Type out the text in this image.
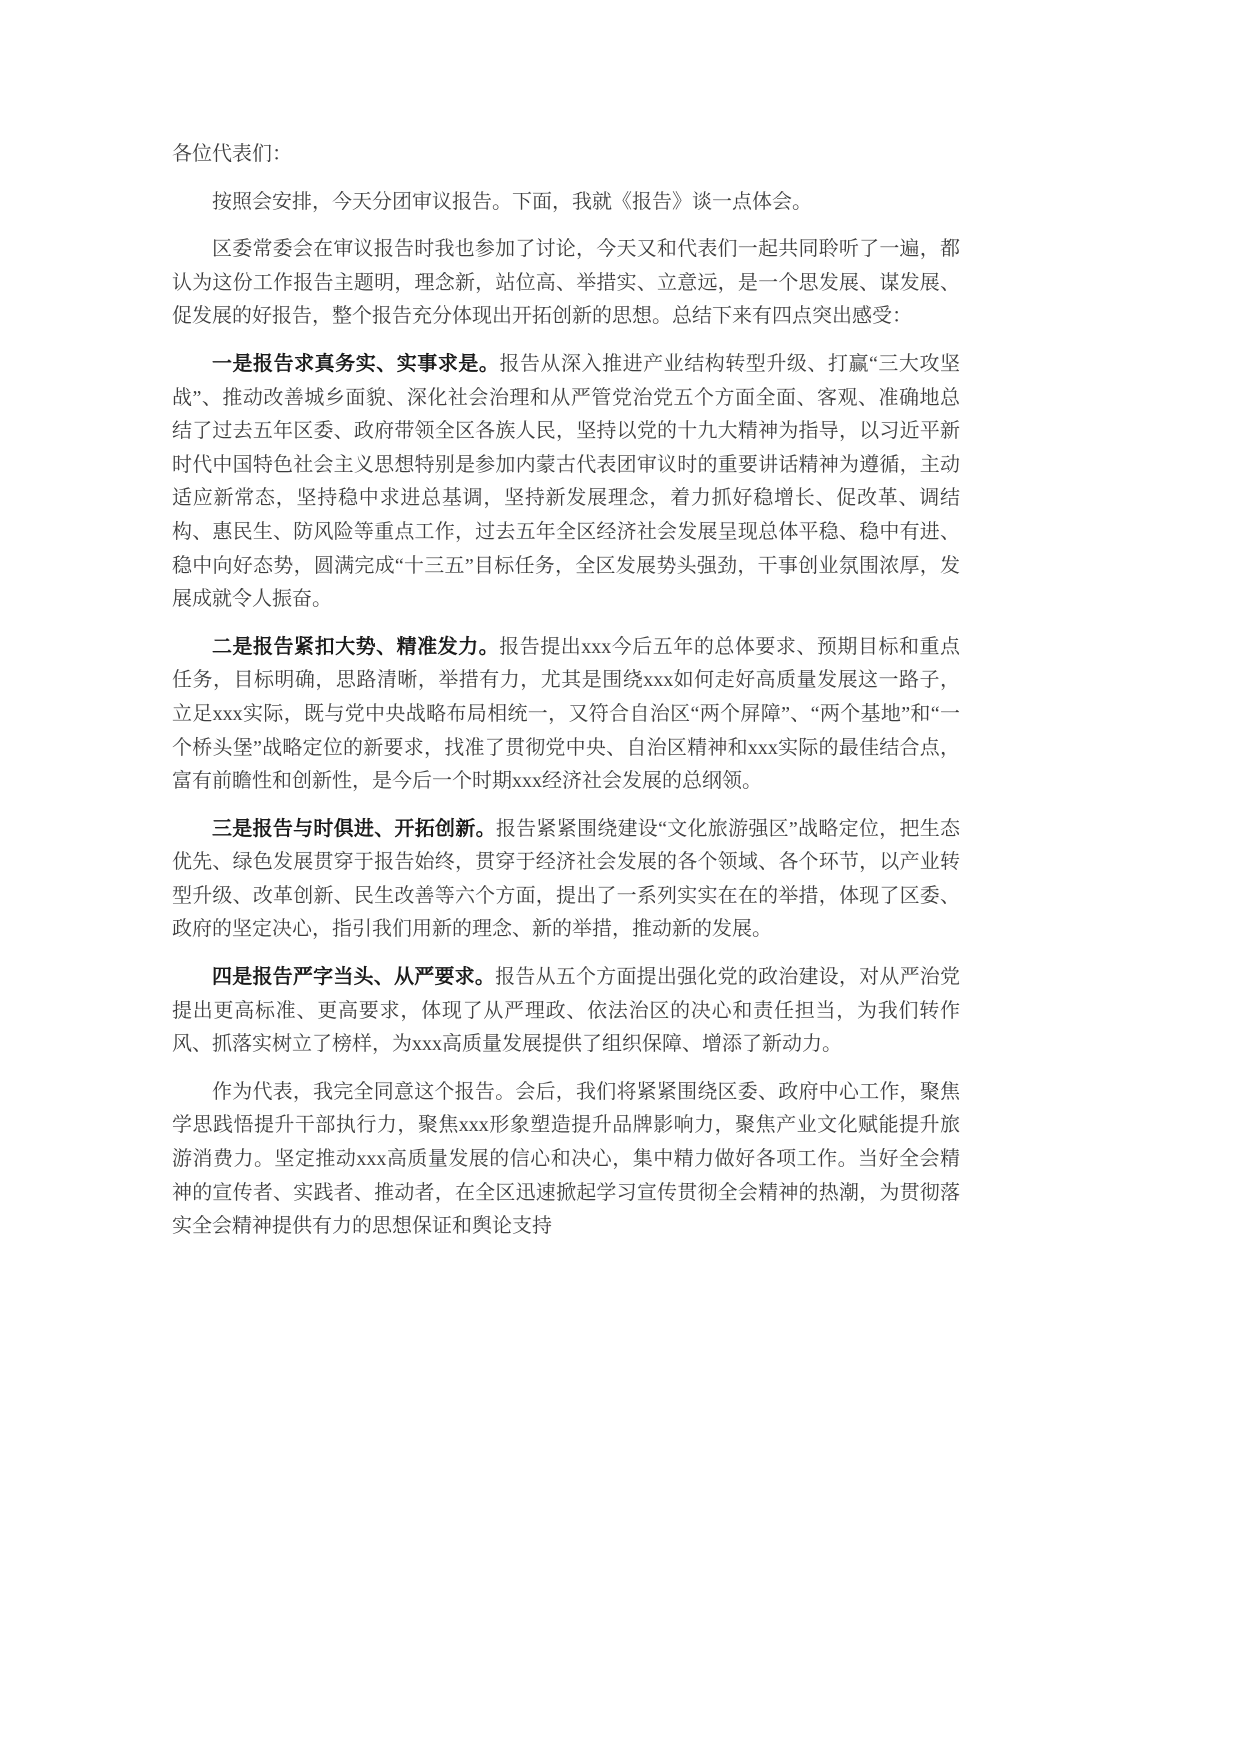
各位代表们：

按照会安排，今天分团审议报告。下面，我就《报告》谈一点体会。

区委常委会在审议报告时我也参加了讨论，今天又和代表们一起共同聆听了一遍，都认为这份工作报告主题明，理念新，站位高、举措实、立意远，是一个思发展、谋发展、促发展的好报告，整个报告充分体现出开拓创新的思想。总结下来有四点突出感受：

一是报告求真务实、实事求是。报告从深入推进产业结构转型升级、打赢“三大攻坚战”、推动改善城乡面貌、深化社会治理和从严管党治党五个方面全面、客观、准确地总结了过去五年区委、政府带领全区各族人民，坚持以党的十九大精神为指导，以习近平新时代中国特色社会主义思想特别是参加内蒙古代表团审议时的重要讲话精神为遵循，主动适应新常态，坚持稳中求进总基调，坚持新发展理念，着力抓好稳增长、促改革、调结构、惠民生、防风险等重点工作，过去五年全区经济社会发展呈现总体平稳、稳中有进、稳中向好态势，圆满完成“十三五”目标任务，全区发展势头强劲，干事创业氛围浓厚，发展成就令人振奋。

二是报告紧扣大势、精准发力。报告提出xxx今后五年的总体要求、预期目标和重点任务，目标明确，思路清晰，举措有力，尤其是围绕xxx如何走好高质量发展这一路子，立足xxx实际，既与党中央战略布局相统一，又符合自治区“两个屏障”、“两个基地”和“一个桥头堡”战略定位的新要求，找准了贯彻党中央、自治区精神和xxx实际的最佳结合点，富有前瞻性和创新性，是今后一个时期xxx经济社会发展的总纲领。

三是报告与时俱进、开拓创新。报告紧紧围绕建设“文化旅游强区”战略定位，把生态优先、绿色发展贯穿于报告始终，贯穿于经济社会发展的各个领域、各个环节，以产业转型升级、改革创新、民生改善等六个方面，提出了一系列实实在在的举措，体现了区委、政府的坚定决心，指引我们用新的理念、新的举措，推动新的发展。

四是报告严字当头、从严要求。报告从五个方面提出强化党的政治建设，对从严治党提出更高标准、更高要求，体现了从严理政、依法治区的决心和责任担当，为我们转作风、抓落实树立了榜样，为xxx高质量发展提供了组织保障、增添了新动力。

作为代表，我完全同意这个报告。会后，我们将紧紧围绕区委、政府中心工作，聚焦学思践悟提升干部执行力，聚焦xxx形象塑造提升品牌影响力，聚焦产业文化赋能提升旅游消费力。坚定推动xxx高质量发展的信心和决心，集中精力做好各项工作。当好全会精神的宣传者、实践者、推动者，在全区迅速掀起学习宣传贯彻全会精神的热潮，为贯彻落实全会精神提供有力的思想保证和舆论支持
